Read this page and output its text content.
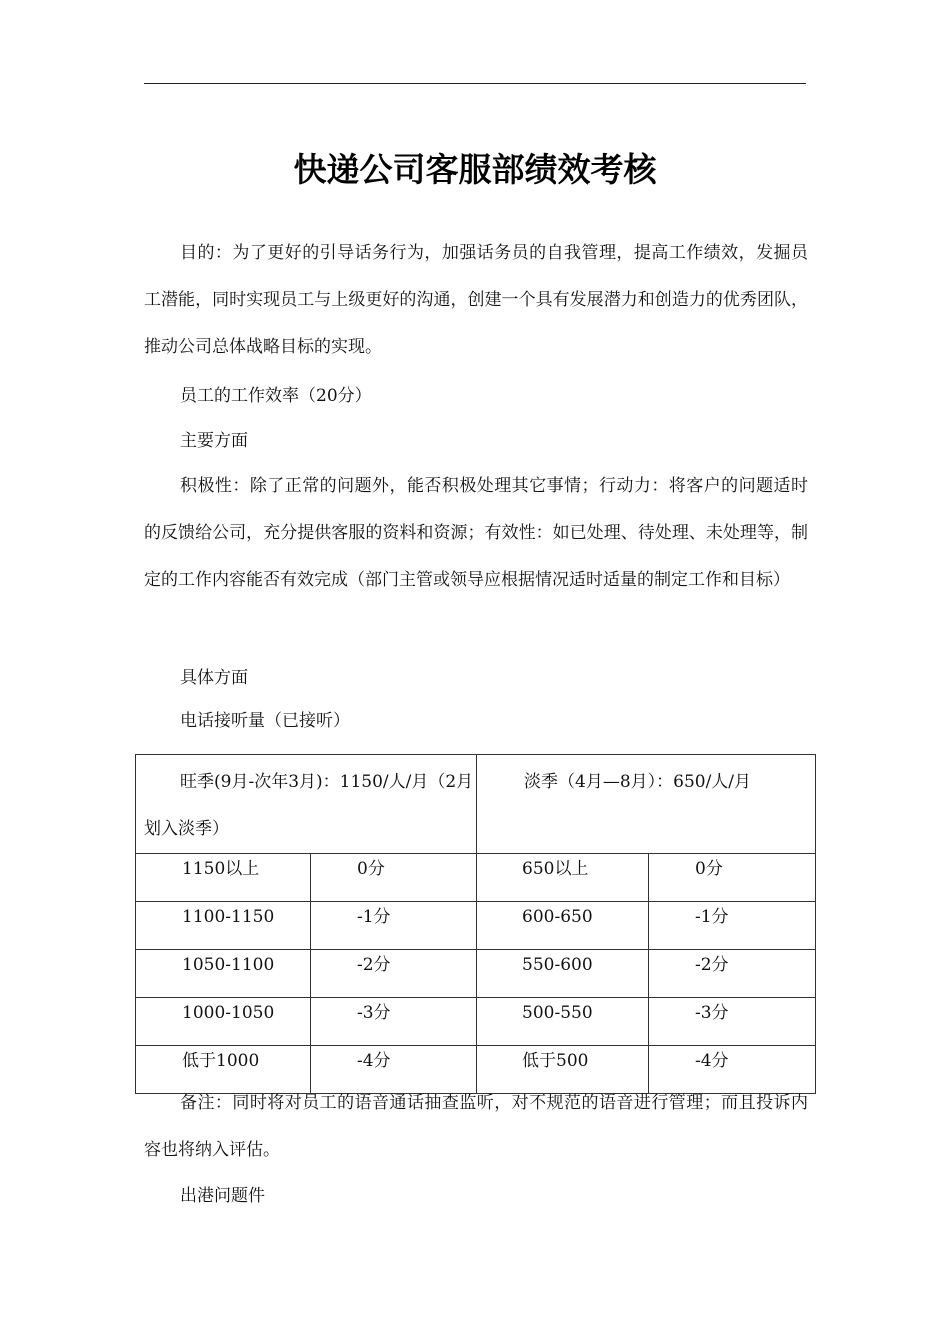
快递公司客服部绩效考核

目的：为了更好的引导话务行为，加强话务员的自我管理，提高工作绩效，发掘员工潜能，同时实现员工与上级更好的沟通，创建一个具有发展潜力和创造力的优秀团队，推动公司总体战略目标的实现。

员工的工作效率（20分）

主要方面

积极性：除了正常的问题外，能否积极处理其它事情；行动力：将客户的问题适时的反馈给公司，充分提供客服的资料和资源；有效性：如已处理、待处理、未处理等，制定的工作内容能否有效完成（部门主管或领导应根据情况适时适量的制定工作和目标）

具体方面

电话接听量（已接听）

旺季(9月-次年3月)：1150/人/月（2月划入淡季）		淡季（4月—8月）：650/人/月	

1150以上	0分	650以上	0分

1100-1150	-1分	600-650	-1分

1050-1100	-2分	550-600	-2分

1000-1050	-3分	500-550	-3分

低于1000	-4分	低于500	-4分

备注：同时将对员工的语音通话抽查监听，对不规范的语音进行管理；而且投诉内容也将纳入评估。

出港问题件
